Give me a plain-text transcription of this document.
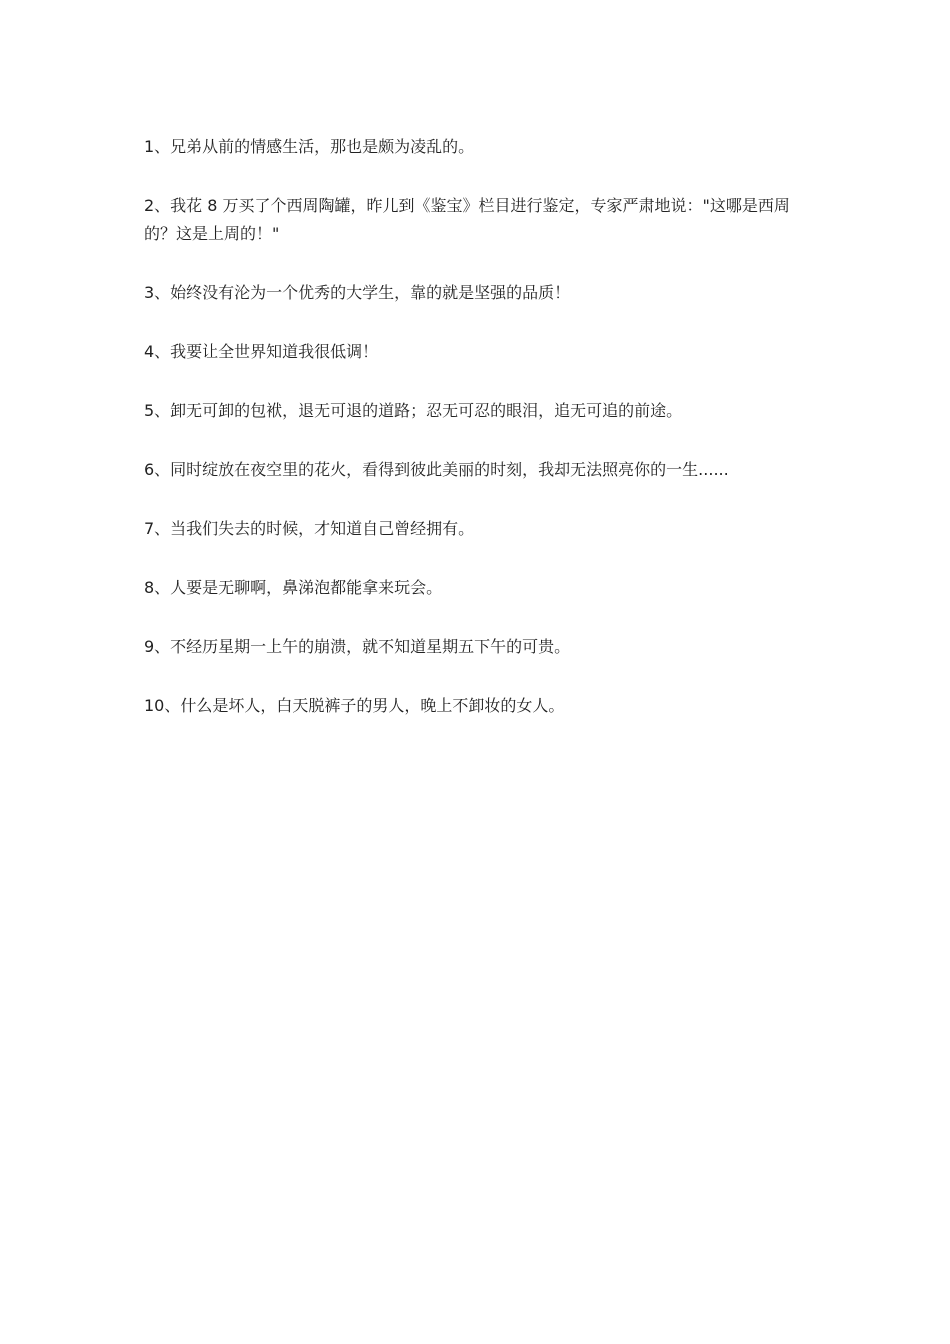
1、兄弟从前的情感生活，那也是颇为凌乱的。

2、我花 8 万买了个西周陶罐，昨儿到《鉴宝》栏目进行鉴定，专家严肃地说："这哪是西周的？这是上周的！"

3、始终没有沦为一个优秀的大学生，靠的就是坚强的品质！

4、我要让全世界知道我很低调！

5、卸无可卸的包袱，退无可退的道路；忍无可忍的眼泪，追无可追的前途。

6、同时绽放在夜空里的花火，看得到彼此美丽的时刻，我却无法照亮你的一生......

7、当我们失去的时候，才知道自己曾经拥有。

8、人要是无聊啊，鼻涕泡都能拿来玩会。

9、不经历星期一上午的崩溃，就不知道星期五下午的可贵。

10、什么是坏人，白天脱裤子的男人，晚上不卸妆的女人。
